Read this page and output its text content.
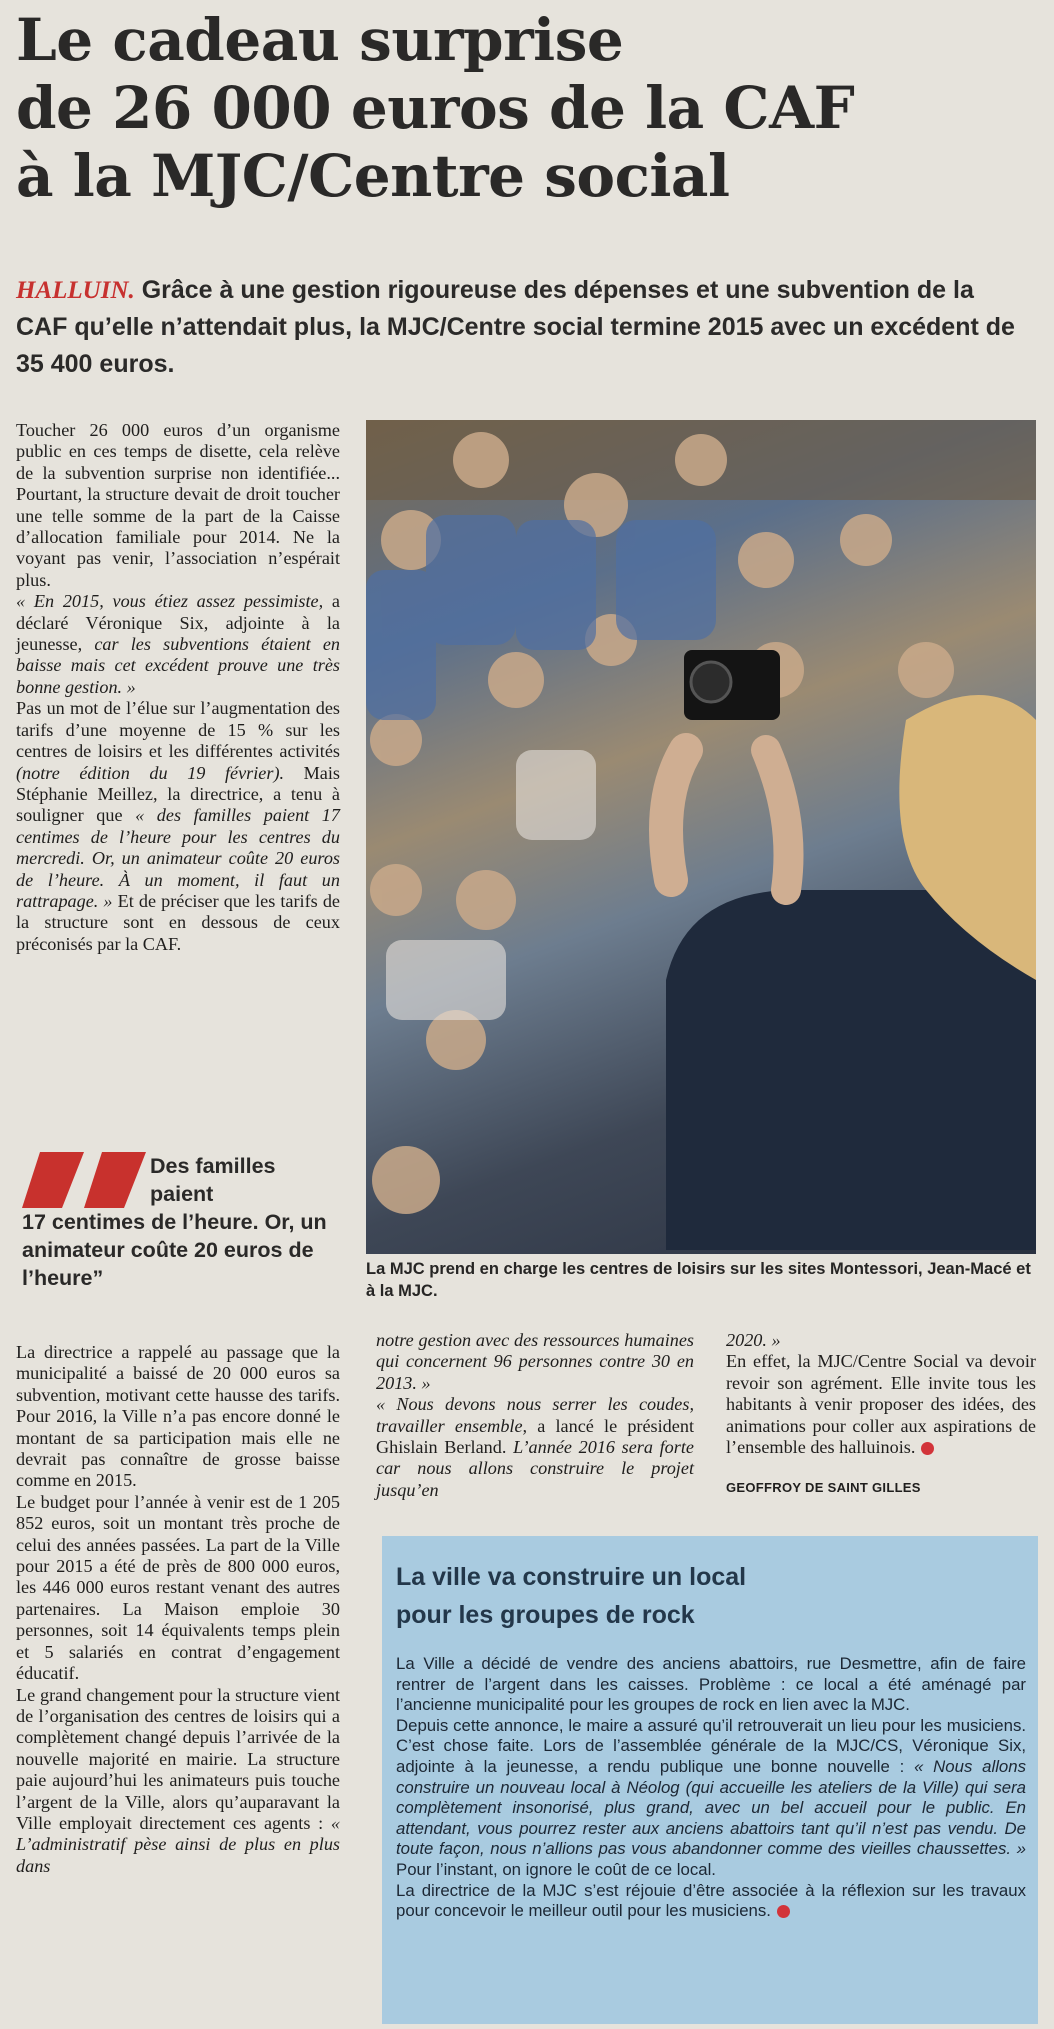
Le cadeau surprise
de 26 000 euros de la CAF
à la MJC/Centre social
HALLUIN. Grâce à une gestion rigoureuse des dépenses et une subvention de la CAF qu’elle n’attendait plus, la MJC/Centre social termine 2015 avec un excédent de 35 400 euros.

Toucher 26 000 euros d’un organisme public en ces temps de disette, cela relève de la subvention surprise non identifiée... Pourtant, la structure devait de droit toucher une telle somme de la part de la Caisse d’allocation familiale pour 2014. Ne la voyant pas venir, l’association n’espérait plus.

« En 2015, vous étiez assez pessimiste, a déclaré Véronique Six, adjointe à la jeunesse, car les subventions étaient en baisse mais cet excédent prouve une très bonne gestion. »

Pas un mot de l’élue sur l’augmentation des tarifs d’une moyenne de 15 % sur les centres de loisirs et les différentes activités (notre édition du 19 février). Mais Stéphanie Meillez, la directrice, a tenu à souligner que « des familles paient 17 centimes de l’heure pour les centres du mercredi. Or, un animateur coûte 20 euros de l’heure. À un moment, il faut un rattrapage. » Et de préciser que les tarifs de la structure sont en dessous de ceux préconisés par la CAF.

La MJC prend en charge les centres de loisirs sur les sites Montessori, Jean-Macé et à la MJC.
Des familles
paient
17 centimes de l’heure. Or, un animateur coûte 20 euros de l’heure”

La directrice a rappelé au passage que la municipalité a baissé de 20 000 euros sa subvention, motivant cette hausse des tarifs. Pour 2016, la Ville n’a pas encore donné le montant de sa participation mais elle ne devrait pas connaître de grosse baisse comme en 2015.

Le budget pour l’année à venir est de 1 205 852 euros, soit un montant très proche de celui des années passées. La part de la Ville pour 2015 a été de près de 800 000 euros, les 446 000 euros restant venant des autres partenaires. La Maison emploie 30 personnes, soit 14 équivalents temps plein et 5 salariés en contrat d’engagement éducatif.

Le grand changement pour la structure vient de l’organisation des centres de loisirs qui a complètement changé depuis l’arrivée de la nouvelle majorité en mairie. La structure paie aujourd’hui les animateurs puis touche l’argent de la Ville, alors qu’auparavant la Ville employait directement ces agents : « L’administratif pèse ainsi de plus en plus dans

notre gestion avec des ressources humaines qui concernent 96 personnes contre 30 en 2013. »

« Nous devons nous serrer les coudes, travailler ensemble, a lancé le président Ghislain Berland. L’année 2016 sera forte car nous allons construire le projet jusqu’en

2020. »

En effet, la MJC/Centre Social va devoir revoir son agrément. Elle invite tous les habitants à venir proposer des idées, des animations pour coller aux aspirations de l’ensemble des halluinois.

GEOFFROY DE SAINT GILLES
La ville va construire un local
pour les groupes de rock

La Ville a décidé de vendre des anciens abattoirs, rue Desmettre, afin de faire rentrer de l’argent dans les caisses. Problème : ce local a été aménagé par l’ancienne municipalité pour les groupes de rock en lien avec la MJC.

Depuis cette annonce, le maire a assuré qu’il retrouverait un lieu pour les musiciens. C’est chose faite. Lors de l’assemblée générale de la MJC/CS, Véronique Six, adjointe à la jeunesse, a rendu publique une bonne nouvelle : « Nous allons construire un nouveau local à Néolog (qui accueille les ateliers de la Ville) qui sera complètement insonorisé, plus grand, avec un bel accueil pour le public. En attendant, vous pourrez rester aux anciens abattoirs tant qu’il n’est pas vendu. De toute façon, nous n’allions pas vous abandonner comme des vieilles chaussettes. » Pour l’instant, on ignore le coût de ce local.

La directrice de la MJC s’est réjouie d’être associée à la réflexion sur les travaux pour concevoir le meilleur outil pour les musiciens.
